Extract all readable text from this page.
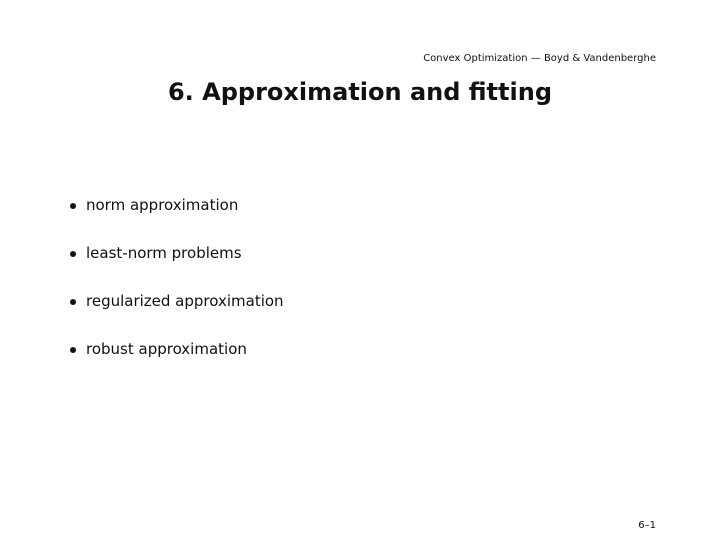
Convex Optimization — Boyd & Vandenberghe
6. Approximation and fitting
norm approximation
least-norm problems
regularized approximation
robust approximation
6–1
